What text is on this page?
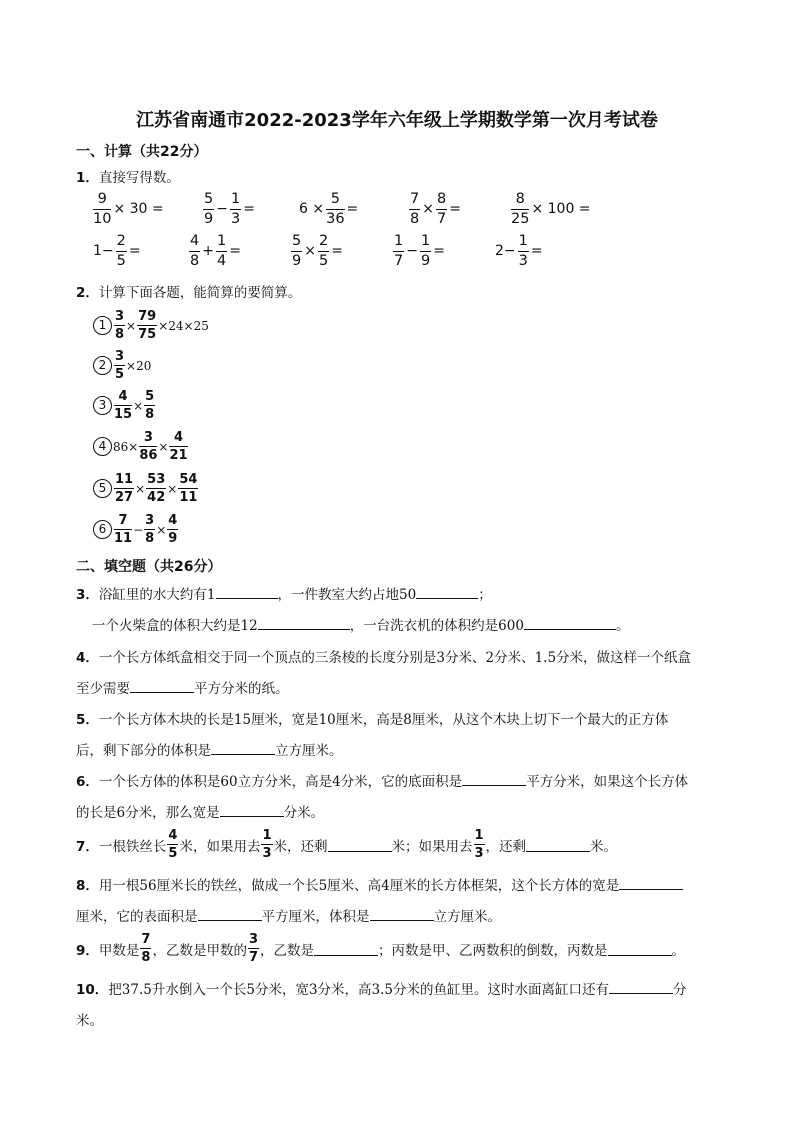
江苏省南通市2022-2023学年六年级上学期数学第一次月考试卷
一、计算（共22分）
1．直接写得数。
$\frac{9}{10} \times 30$ =	$\frac{5}{9} - \frac{1}{3}$ =	$6 \times \frac{5}{36}$ =	$\frac{7}{8} \times \frac{8}{7}$ =	$\frac{8}{25} \times 100$ =
$1- \frac{2}{5}$ =	$\frac{4}{8} + \frac{1}{4}$ =	$\frac{5}{9} \times \frac{2}{5}$ =	$\frac{1}{7} - \frac{1}{9}$ =	$2- \frac{1}{3}$ =
2．计算下面各题，能简算的要简算。
$1 \frac{3}{8} \times \frac{79}{75} \times 24\times 25$
$2 \frac{3}{5} \times 20$
$3 \frac{4}{15} \times \frac{5}{8}$
4 $86\times \frac{3}{86} \times \frac{4}{21}$
$5 \frac{11}{27} \times \frac{53}{42} \times \frac{54}{11}$
$6 \frac{7}{11} - \frac{3}{8} \times \frac{4}{9}$
二、填空题（共26分）
3．浴缸里的水大约有1	，一件教室大约占地50	；
一个火柴盒的体积大约是12	，一台洗衣机的体积约是600	。
4．一个长方体纸盒相交于同一个顶点的三条棱的长度分别是3分米、2分米、1.5分米，做这样一个纸盒
至少需要	平方分米的纸。
5．一个长方体木块的长是15厘米，宽是10厘米，高是8厘米，从这个木块上切下一个最大的正方体
后，剩下部分的体积是	立方厘米。
6．一个长方体的体积是60立方分米，高是4分米，它的底面积是	平方分米，如果这个长方体
的长是6分米，那么宽是	分米。
7． 一根铁丝长 $\frac{4}{5}$ 米，如果用去 $\frac{1}{3}$ 米，还剩	米；如果用去 $\frac{1}{3}$ ，还剩	米。
8．用一根56厘米长的铁丝，做成一个长5厘米、高4厘米的长方体框架，这个长方体的宽是
厘米，它的表面积是	平方厘米，体积是	立方厘米。
9． 甲数是 $\frac{7}{8}$ ，乙数是甲数的 $\frac{3}{7}$ ，乙数是	；丙数是甲、乙两数积的倒数，丙数是	。
10．把37.5升水倒入一个长5分米，宽3分米，高3.5分米的鱼缸里。这时水面离缸口还有	分
米。
